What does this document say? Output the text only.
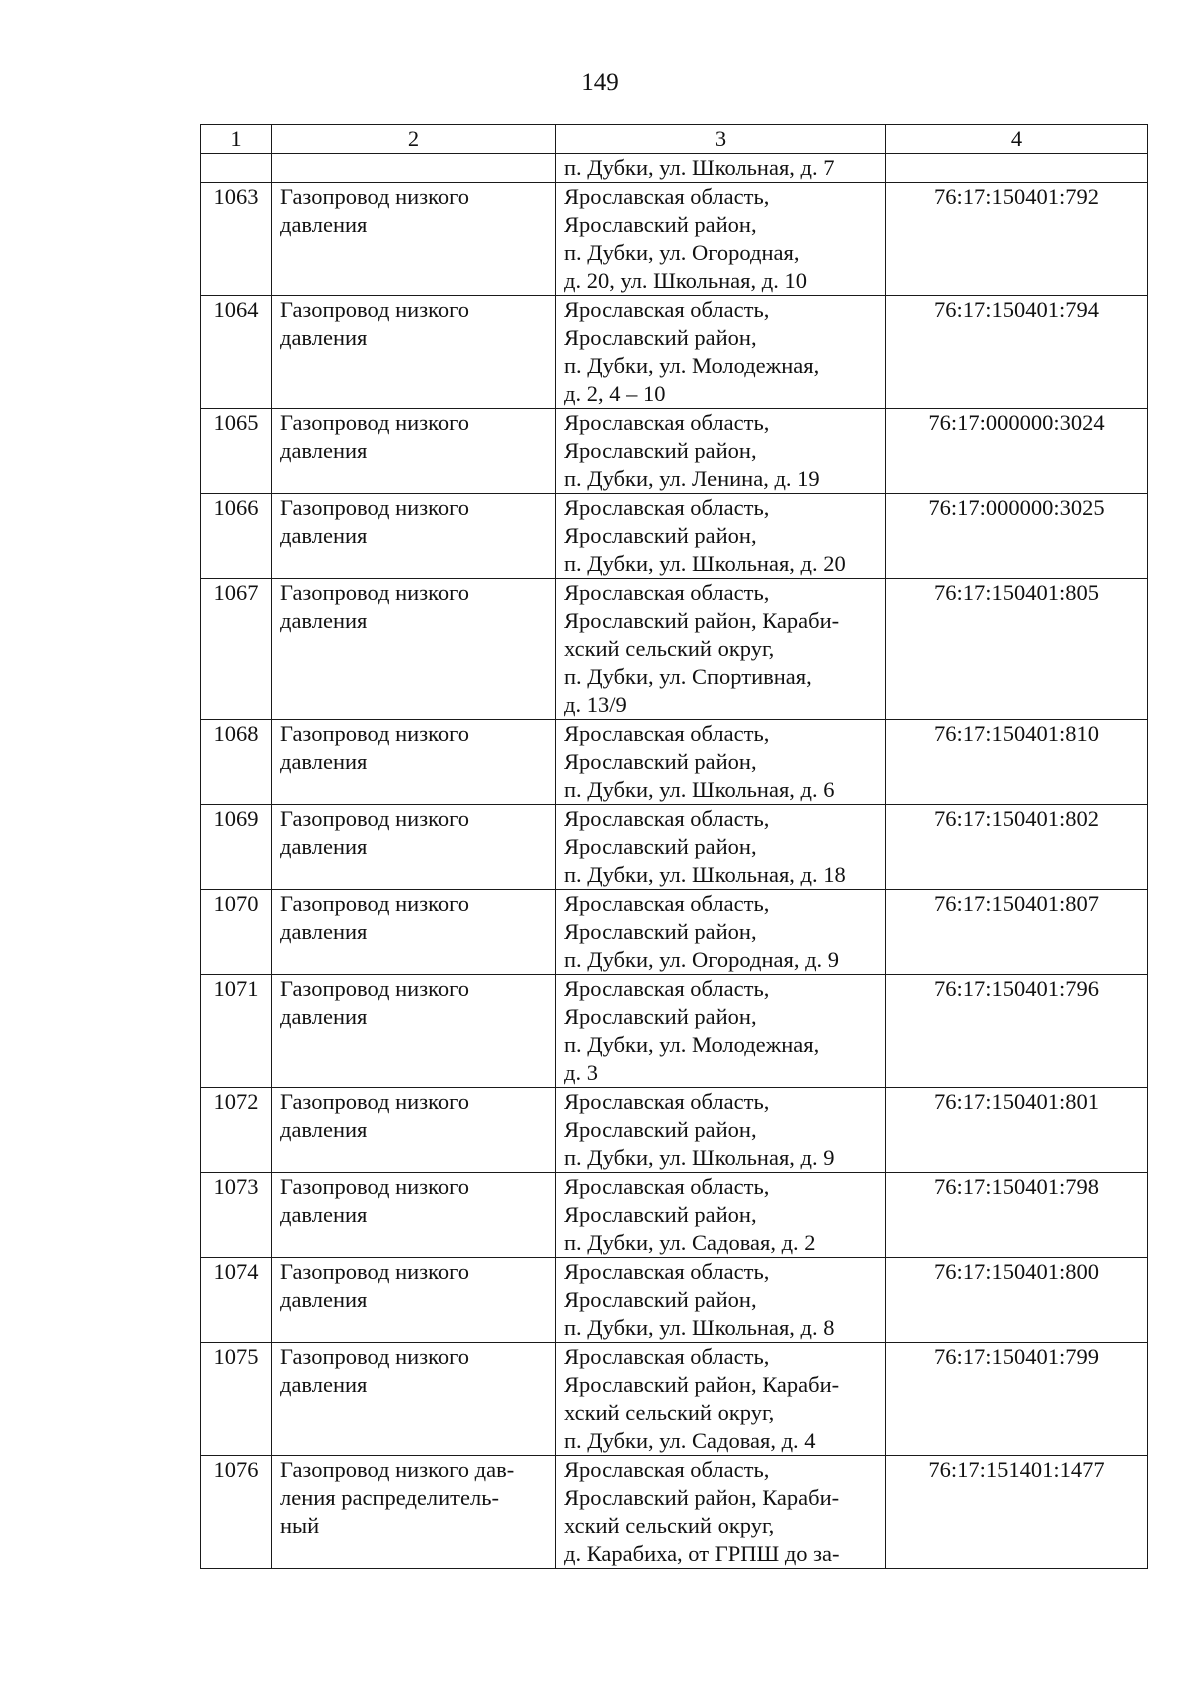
149
1	2	3	4
		п. Дубки, ул. Школьная, д. 7	
1063	Газопровод низкого давления	Ярославская область,
Ярославский район,
п. Дубки, ул. Огородная,
д. 20, ул. Школьная, д. 10	76:17:150401:792
1064	Газопровод низкого давления	Ярославская область,
Ярославский район,
п. Дубки, ул. Молодежная,
д. 2, 4 – 10	76:17:150401:794
1065	Газопровод низкого давления	Ярославская область,
Ярославский район,
п. Дубки, ул. Ленина, д. 19	76:17:000000:3024
1066	Газопровод низкого давления	Ярославская область,
Ярославский район,
п. Дубки, ул. Школьная, д. 20	76:17:000000:3025
1067	Газопровод низкого давления	Ярославская область,
Ярославский район, Караби-
хский сельский округ,
п. Дубки, ул. Спортивная,
д. 13/9	76:17:150401:805
1068	Газопровод низкого давления	Ярославская область,
Ярославский район,
п. Дубки, ул. Школьная, д. 6	76:17:150401:810
1069	Газопровод низкого давления	Ярославская область,
Ярославский район,
п. Дубки, ул. Школьная, д. 18	76:17:150401:802
1070	Газопровод низкого давления	Ярославская область,
Ярославский район,
п. Дубки, ул. Огородная, д. 9	76:17:150401:807
1071	Газопровод низкого давления	Ярославская область,
Ярославский район,
п. Дубки, ул. Молодежная,
д. 3	76:17:150401:796
1072	Газопровод низкого давления	Ярославская область,
Ярославский район,
п. Дубки, ул. Школьная, д. 9	76:17:150401:801
1073	Газопровод низкого давления	Ярославская область,
Ярославский район,
п. Дубки, ул. Садовая, д. 2	76:17:150401:798
1074	Газопровод низкого давления	Ярославская область,
Ярославский район,
п. Дубки, ул. Школьная, д. 8	76:17:150401:800
1075	Газопровод низкого давления	Ярославская область,
Ярославский район, Караби-
хский сельский округ,
п. Дубки, ул. Садовая, д. 4	76:17:150401:799
1076	Газопровод низкого дав-
ления распределитель-
ный	Ярославская область,
Ярославский район, Караби-
хский сельский округ,
д. Карабиха, от ГРПШ до за-	76:17:151401:1477
